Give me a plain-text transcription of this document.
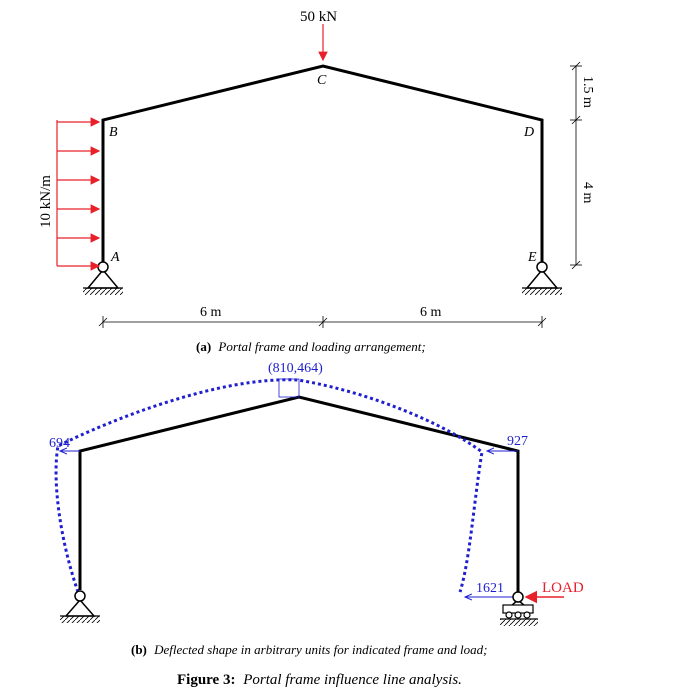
10 kN/m
50 kN
B
C
D
A	E
6 m	6 m
1.5 m
4 m
(a) Portal frame and loading arrangement;
(810,464)
694	927
1621	LOAD
(b) Deflected shape in arbitrary units for indicated frame and load;
Figure 3: Portal frame influence line analysis.
